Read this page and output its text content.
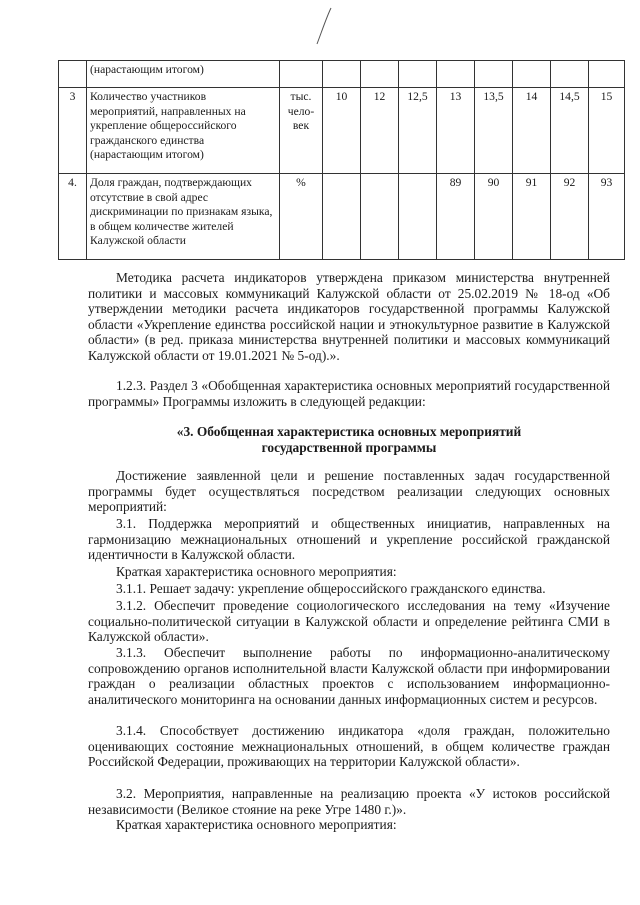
	(нарастающим итогом)									
3	Количество участников мероприятий, направленных на укрепление общероссийского гражданского единства (нарастающим итогом)	тыс. чело-век	10	12	12,5	13	13,5	14	14,5	15
4.	Доля граждан, подтверждающих отсутствие в свой адрес дискриминации по признакам языка, в общем количестве жителей Калужской области	%				89	90	91	92	93
Методика расчета индикаторов утверждена приказом министерства внутренней политики и массовых коммуникаций Калужской области от 25.02.2019 № 18-од «Об утверждении методики расчета индикаторов государственной программы Калужской области «Укрепление единства российской нации и этнокультурное развитие в Калужской области» (в ред. приказа министерства внутренней политики и массовых коммуникаций Калужской области от 19.01.2021 № 5-од).».
1.2.3. Раздел 3 «Обобщенная характеристика основных мероприятий государственной программы» Программы изложить в следующей редакции:
«3. Обобщенная характеристика основных мероприятий государственной программы
Достижение заявленной цели и решение поставленных задач государственной программы будет осуществляться посредством реализации следующих основных мероприятий:
3.1. Поддержка мероприятий и общественных инициатив, направленных на гармонизацию межнациональных отношений и укрепление российской гражданской идентичности в Калужской области.
Краткая характеристика основного мероприятия:
3.1.1. Решает задачу: укрепление общероссийского гражданского единства.
3.1.2. Обеспечит проведение социологического исследования на тему «Изучение социально-политической ситуации в Калужской области и определение рейтинга СМИ в Калужской области».
3.1.3. Обеспечит выполнение работы по информационно-аналитическому сопровождению органов исполнительной власти Калужской области при информировании граждан о реализации областных проектов с использованием информационно-аналитического мониторинга на основании данных информационных систем и ресурсов.
3.1.4. Способствует достижению индикатора «доля граждан, положительно оценивающих состояние межнациональных отношений, в общем количестве граждан Российской Федерации, проживающих на территории Калужской области».
3.2. Мероприятия, направленные на реализацию проекта «У истоков российской независимости (Великое стояние на реке Угре 1480 г.)».
Краткая характеристика основного мероприятия:
